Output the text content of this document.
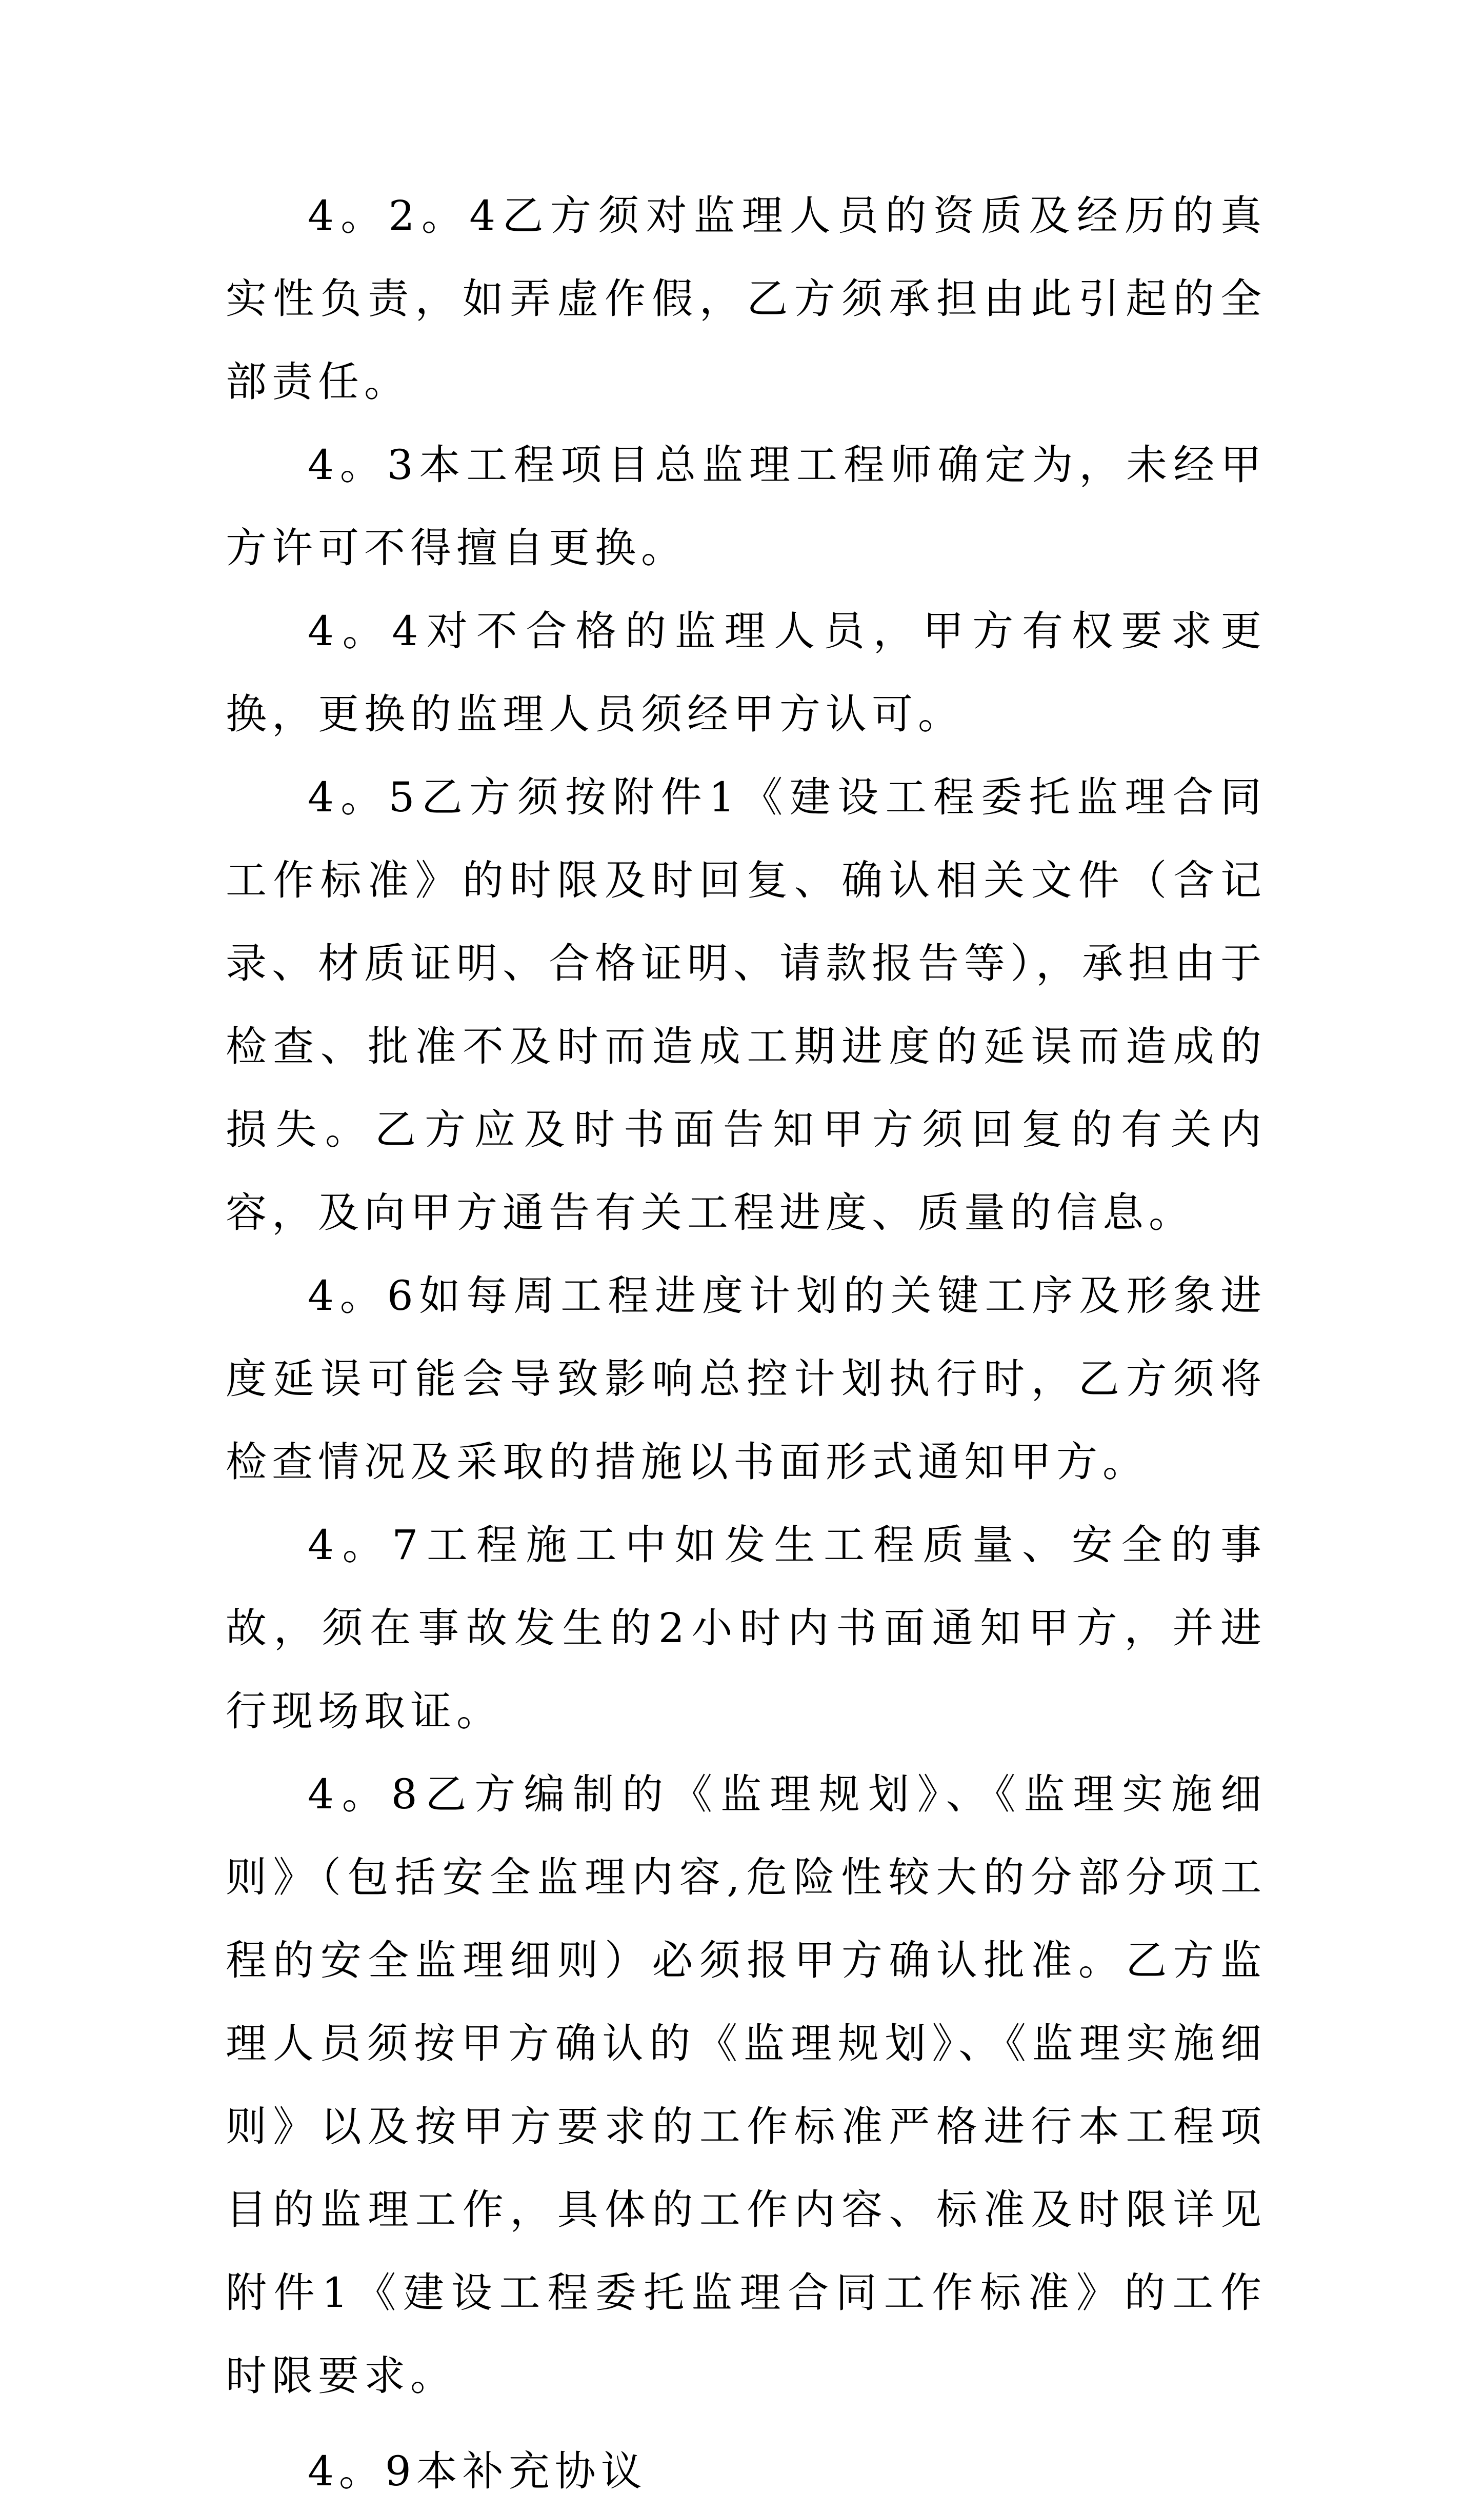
4。2。4乙方须对监理人员的资质及经历的真实性负责，如弄虚作假，乙方须承担由此引起的全部责任。

4。3本工程项目总监理工程师确定为，未经甲方许可不得擅自更换。

4。4对不合格的监理人员，甲方有权要求更换，更换的监理人员须经甲方认可。

4。5乙方须按附件1《建设工程委托监理合同工作标准》的时限及时回复、确认相关文件（含记录、材质证明、合格证明、请款报告等），承担由于检查、批准不及时而造成工期进度的延误而造成的损失。乙方应及时书面告知甲方须回复的有关内容，及向甲方通告有关工程进度、质量的信息。

4。6如每周工程进度计划的关键工序及形象进度延误可能会导致影响总控计划执行时，乙方须将检查情况及采取的措施以书面形式通知甲方。

4。7工程施工中如发生工程质量、安全的事故，须在事故发生的2小时内书面通知甲方，并进行现场取证。

4。8乙方编制的《监理规划》、《监理实施细则》（包括安全监理内容,危险性较大的分部分项工程的安全监理细则）必须报甲方确认批准。乙方监理人员须按甲方确认的《监理规划》、《监理实施细则》以及按甲方要求的工作标准严格进行本工程项目的监理工作，具体的工作内容、标准及时限详见附件1《建设工程委托监理合同工作标准》的工作时限要求。

4。9本补充协议
